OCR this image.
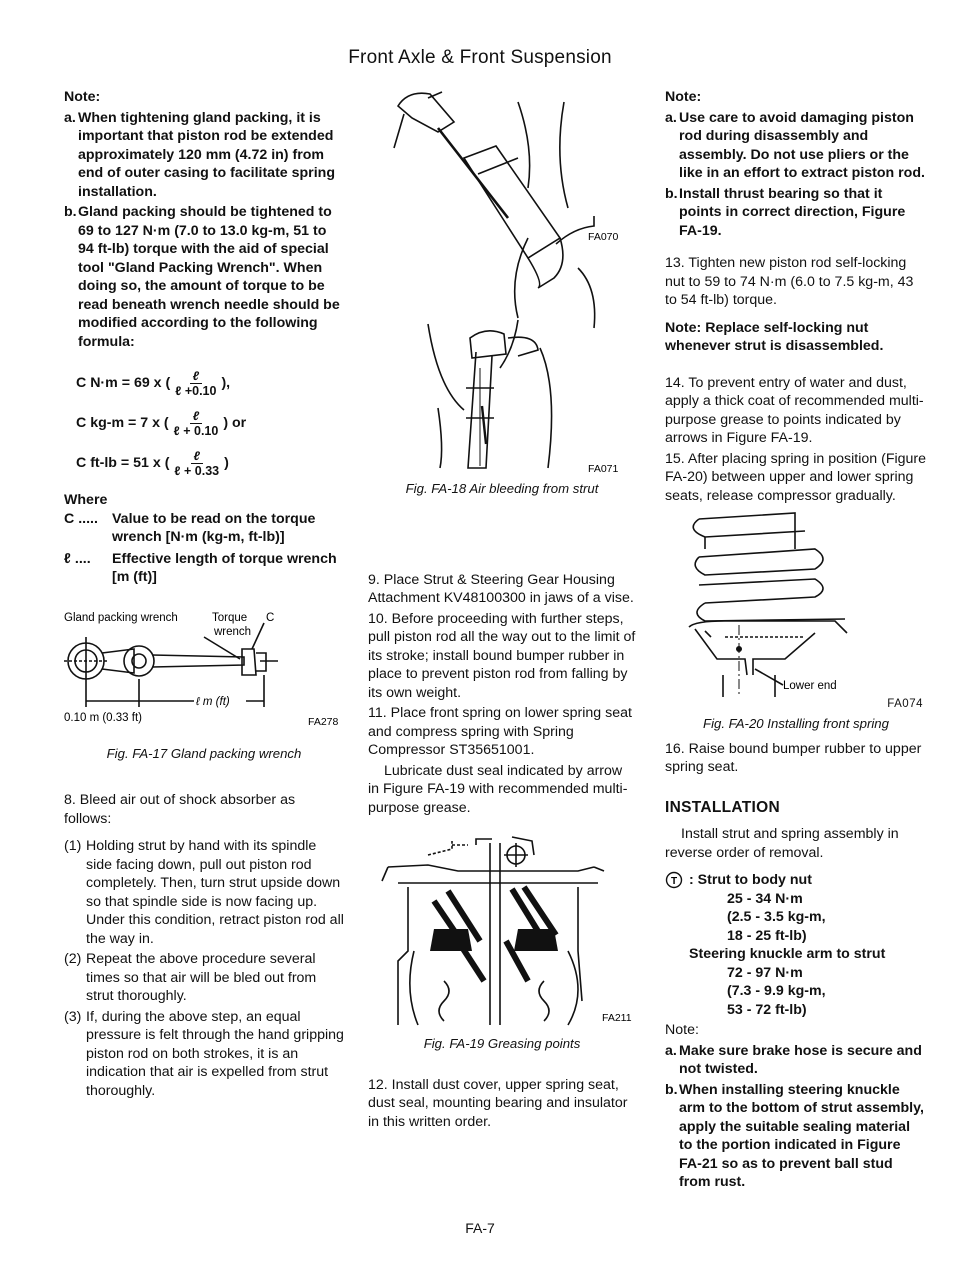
Front Axle & Front Suspension
Note:
a. When tightening gland packing, it is important that piston rod be extended approximately 120 mm (4.72 in) from end of outer casing to facilitate spring installation.
b. Gland packing should be tightened to 69 to 127 N·m (7.0 to 13.0 kg-m, 51 to 94 ft-lb) torque with the aid of special tool "Gland Packing Wrench". When doing so, the amount of torque to be read beneath wrench needle should be modified according to the following formula:
C N·m = 69 x ( $\frac{\text{ℓ}}{\text{ℓ +0.10}}$ ),
C kg-m = 7 x ( $\frac{\text{ℓ}}{\text{ℓ + 0.10}}$ ) or
C ft-lb = 51 x ( $\frac{\text{ℓ}}{\text{ℓ + 0.33}}$ )
Where
C ..... Value to be read on the torque wrench [N·m (kg-m, ft-lb)]
ℓ ....	Effective length of torque wrench [m (ft)]
Gland packing wrench	Torque
wrench
C
ℓ m (ft)
0.10 m (0.33 ft)	FA278
Fig. FA-17 Gland packing wrench

8. Bleed air out of shock absorber as follows:

(1) Holding strut by hand with its spindle side facing down, pull out piston rod completely. Then, turn strut upside down so that spindle side is now facing up. Under this condition, retract piston rod all the way in.
(2) Repeat the above procedure several times so that air will be bled out from strut thoroughly.
(3) If, during the above step, an equal pressure is felt through the hand gripping piston rod on both strokes, it is an indication that air is expelled from strut thoroughly.
FA070
FA071
Fig. FA-18 Air bleeding from strut

9. Place Strut & Steering Gear Housing Attachment KV48100300 in jaws of a vise.

10. Before proceeding with further steps, pull piston rod all the way out to the limit of its stroke; install bound bumper rubber in place to prevent piston rod from falling by its own weight.

11. Place front spring on lower spring seat and compress spring with Spring Compressor ST35651001.

Lubricate dust seal indicated by arrow in Figure FA-19 with recommended multi-purpose grease.

FA211
Fig. FA-19 Greasing points

12. Install dust cover, upper spring seat, dust seal, mounting bearing and insulator in this written order.

Note:
a. Use care to avoid damaging piston rod during disassembly and assembly. Do not use pliers or the like in an effort to extract piston rod.
b. Install thrust bearing so that it points in correct direction, Figure FA-19.

13. Tighten new piston rod self-locking nut to 59 to 74 N·m (6.0 to 7.5 kg-m, 43 to 54 ft-lb) torque.

Note: Replace self-locking nut whenever strut is disassembled.

14. To prevent entry of water and dust, apply a thick coat of recommended multi-purpose grease to points indicated by arrows in Figure FA-19.

15. After placing spring in position (Figure FA-20) between upper and lower spring seats, release compressor gradually.

Lower end
FA074
Fig. FA-20 Installing front spring

16. Raise bound bumper rubber to upper spring seat.

INSTALLATION

Install strut and spring assembly in reverse order of removal.

T : Strut to body nut
25 - 34 N·m
(2.5 - 3.5 kg-m,
18 - 25 ft-lb)
Steering knuckle arm to strut
72 - 97 N·m
(7.3 - 9.9 kg-m,
53 - 72 ft-lb)
Note:
a. Make sure brake hose is secure and not twisted.
b. When installing steering knuckle arm to the bottom of strut assembly, apply the suitable sealing material to the portion indicated in Figure FA-21 so as to prevent ball stud from rust.
FA-7
